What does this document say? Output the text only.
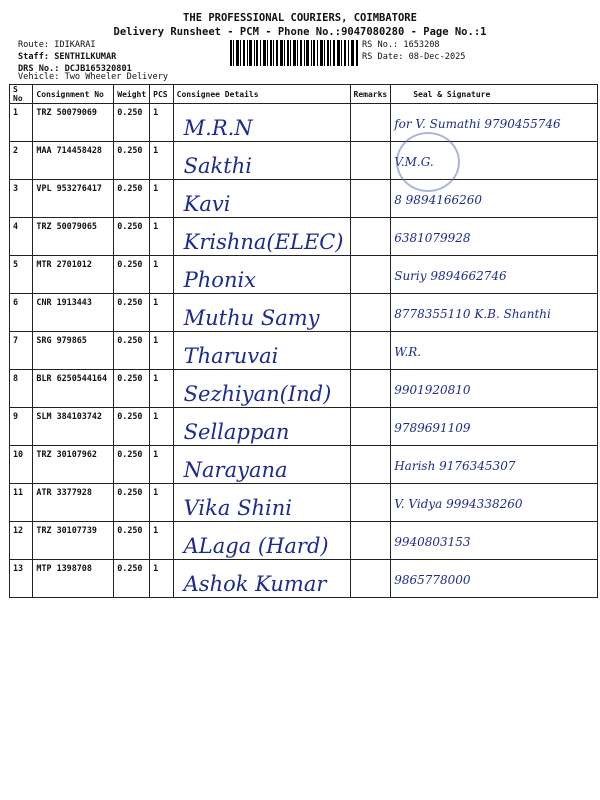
THE PROFESSIONAL COURIERS, COIMBATORE
Delivery Runsheet - PCM - Phone No.:9047080280 - Page No.:1
Route: IDIKARAI
Staff: SENTHILKUMAR
DRS No.: DCJB165320801
RS No.: 1653208
RS Date: 08-Dec-2025
Vehicle: Two Wheeler Delivery
S No	Consignment No	Weight	PCS	Consignee Details	Remarks	Seal & Signature
1	TRZ 50079069	0.250	1	M.R.N		for V. Sumathi 9790455746
2	MAA 714458428	0.250	1	Sakthi		V.M.G.
3	VPL 953276417	0.250	1	Kavi		8 9894166260
4	TRZ 50079065	0.250	1	Krishna(ELEC)		6381079928
5	MTR 2701012	0.250	1	Phonix		Suriy 9894662746
6	CNR 1913443	0.250	1	Muthu Samy		8778355110 K.B. Shanthi
7	SRG 979865	0.250	1	Tharuvai		W.R.
8	BLR 6250544164	0.250	1	Sezhiyan(Ind)		9901920810
9	SLM 384103742	0.250	1	Sellappan		9789691109
10	TRZ 30107962	0.250	1	Narayana		Harish 9176345307
11	ATR 3377928	0.250	1	Vika Shini		V. Vidya 9994338260
12	TRZ 30107739	0.250	1	ALaga (Hard)		9940803153
13	MTP 1398708	0.250	1	Ashok Kumar		9865778000
